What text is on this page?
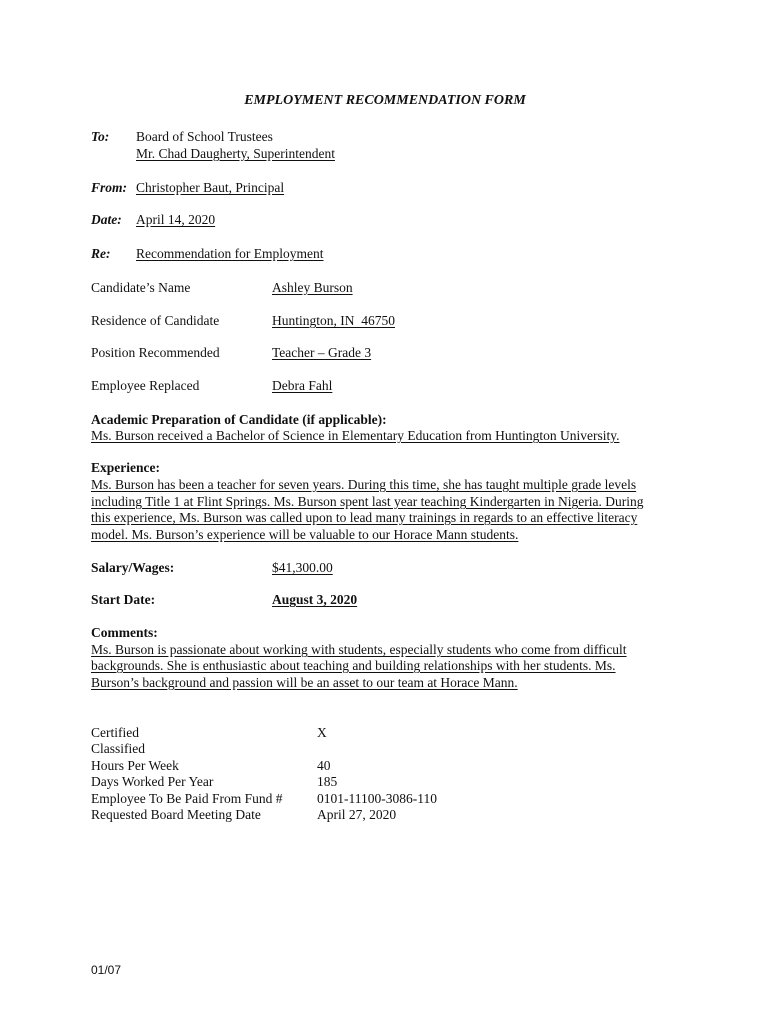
EMPLOYMENT RECOMMENDATION FORM
To: Board of School Trustees
Mr. Chad Daugherty, Superintendent
From: Christopher Baut, Principal
Date: April 14, 2020
Re: Recommendation for Employment
Candidate’s Name	Ashley Burson
Residence of Candidate	Huntington, IN  46750
Position Recommended	Teacher – Grade 3
Employee Replaced	Debra Fahl
Academic Preparation of Candidate (if applicable):
Ms. Burson received a Bachelor of Science in Elementary Education from Huntington University.
Experience:
Ms. Burson has been a teacher for seven years. During this time, she has taught multiple grade levels
including Title 1 at Flint Springs. Ms. Burson spent last year teaching Kindergarten in Nigeria. During
this experience, Ms. Burson was called upon to lead many trainings in regards to an effective literacy
model. Ms. Burson’s experience will be valuable to our Horace Mann students.
Salary/Wages:	$41,300.00
Start Date:	August 3, 2020
Comments:
Ms. Burson is passionate about working with students, especially students who come from difficult
backgrounds. She is enthusiastic about teaching and building relationships with her students. Ms.
Burson’s background and passion will be an asset to our team at Horace Mann.
Certified	X
Classified
Hours Per Week	40
Days Worked Per Year	185
Employee To Be Paid From Fund #	0101-11100-3086-110
Requested Board Meeting Date	April 27, 2020
01/07
